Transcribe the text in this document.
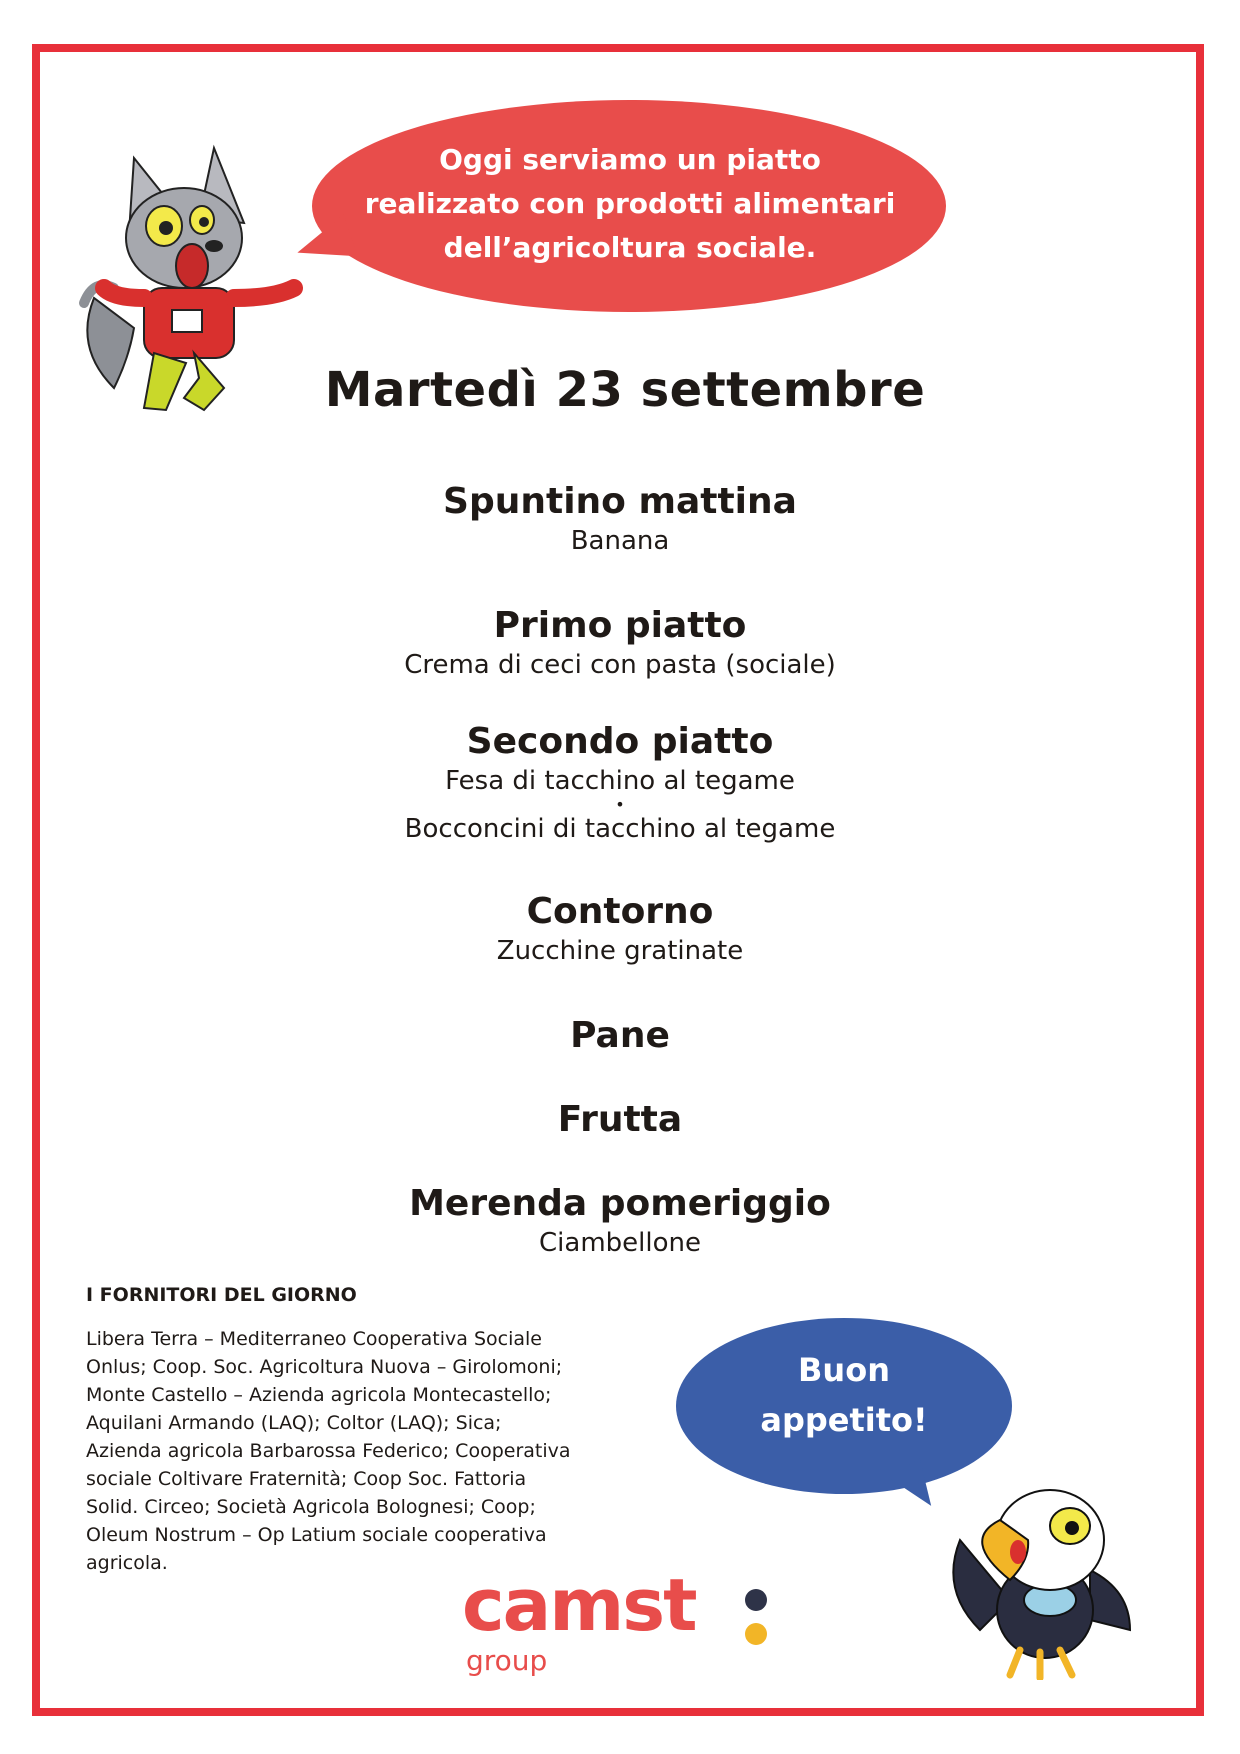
Oggi serviamo un piatto
realizzato con prodotti alimentari
dell’agricoltura sociale.
Martedì 23 settembre
Spuntino mattina
Banana
Primo piatto
Crema di ceci con pasta (sociale)
Secondo piatto
Fesa di tacchino al tegame
•
Bocconcini di tacchino al tegame
Contorno
Zucchine gratinate
Pane
Frutta
Merenda pomeriggio
Ciambellone
I FORNITORI DEL GIORNO
Libera Terra – Mediterraneo Cooperativa Sociale
Onlus; Coop. Soc. Agricoltura Nuova – Girolomoni;
Monte Castello – Azienda agricola Montecastello;
Aquilani Armando (LAQ); Coltor (LAQ); Sica;
Azienda agricola Barbarossa Federico; Cooperativa
sociale Coltivare Fraternità; Coop Soc. Fattoria
Solid. Circeo; Società Agricola Bolognesi; Coop;
Oleum Nostrum – Op Latium sociale cooperativa
agricola.
Buon
appetito!
camst
group
